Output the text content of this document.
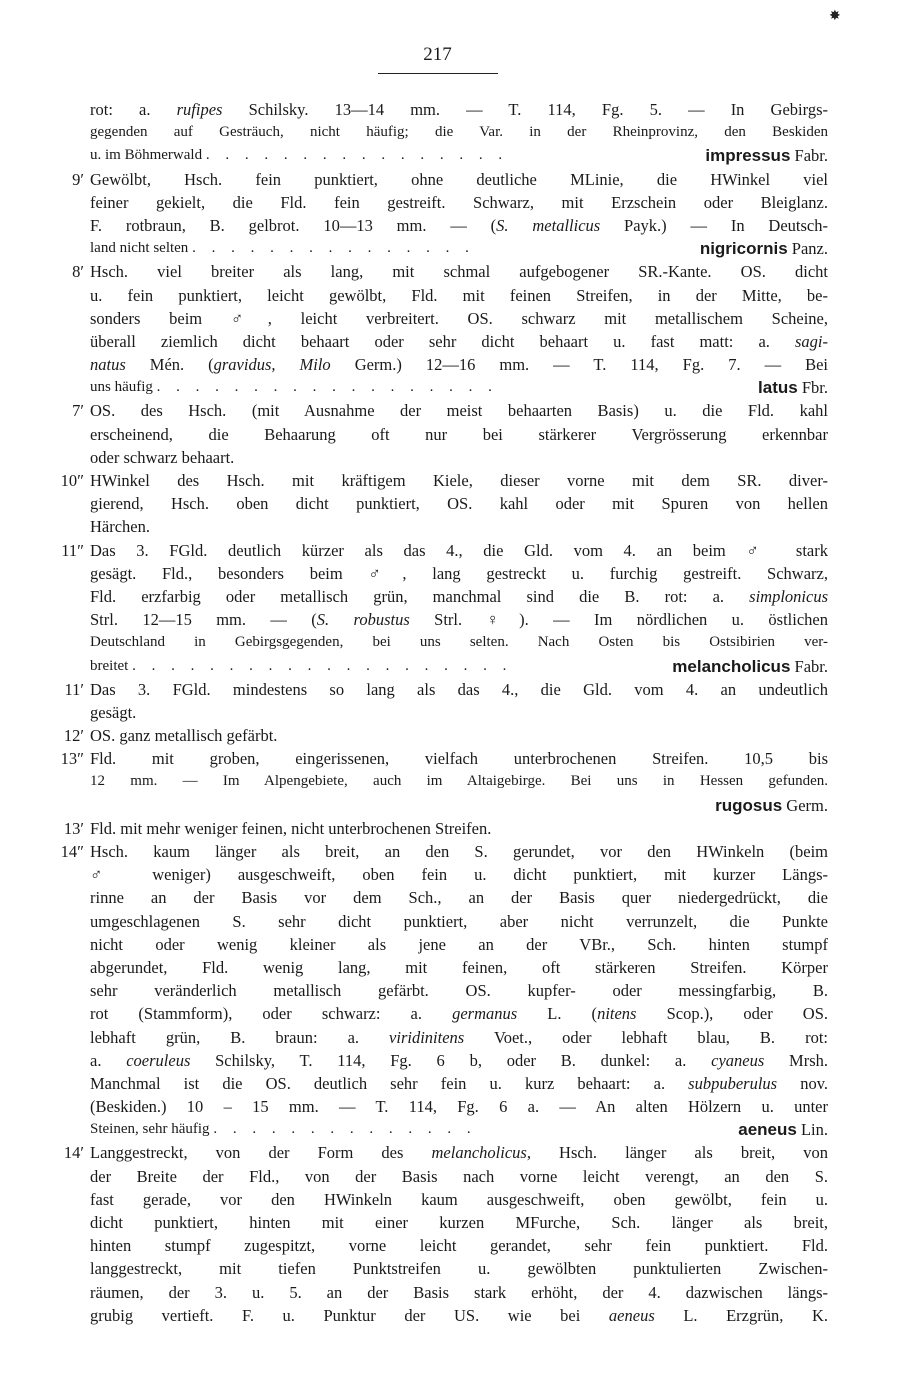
✸
217
rot: a. rufipes Schilsky. 13—14 mm. — T. 114, Fg. 5. — In Gebirgs-
gegenden auf Gesträuch, nicht häufig; die Var. in der Rheinprovinz, den Beskiden
u. im Böhmerwald . . . . . . . . . . . . . . . .	impressus Fabr.
9′ Gewölbt, Hsch. fein punktiert, ohne deutliche MLinie, die HWinkel viel
feiner gekielt, die Fld. fein gestreift. Schwarz, mit Erzschein oder Bleiglanz.
F. rotbraun, B. gelbrot. 10—13 mm. — (S. metallicus Payk.) — In Deutsch-
land nicht selten . . . . . . . . . . . . . . .	nigricornis Panz.
8′ Hsch. viel breiter als lang, mit schmal aufgebogener SR.-Kante. OS. dicht
u. fein punktiert, leicht gewölbt, Fld. mit feinen Streifen, in der Mitte, be-
sonders beim ♂, leicht verbreitert. OS. schwarz mit metallischem Scheine,
überall ziemlich dicht behaart oder sehr dicht behaart u. fast matt: a. sagi-
natus Mén. (gravidus, Milo Germ.) 12—16 mm. — T. 114, Fg. 7. — Bei
uns häufig . . . . . . . . . . . . . . . . . .	latus Fbr.
7′ OS. des Hsch. (mit Ausnahme der meist behaarten Basis) u. die Fld. kahl
erscheinend, die Behaarung oft nur bei stärkerer Vergrösserung erkennbar
oder schwarz behaart.
10″ HWinkel des Hsch. mit kräftigem Kiele, dieser vorne mit dem SR. diver-
gierend, Hsch. oben dicht punktiert, OS. kahl oder mit Spuren von hellen
Härchen.
11″ Das 3. FGld. deutlich kürzer als das 4., die Gld. vom 4. an beim ♂ stark
gesägt. Fld., besonders beim ♂, lang gestreckt u. furchig gestreift. Schwarz,
Fld. erzfarbig oder metallisch grün, manchmal sind die B. rot: a. simplonicus
Strl. 12—15 mm. — (S. robustus Strl. ♀). — Im nördlichen u. östlichen
Deutschland in Gebirgsgegenden, bei uns selten. Nach Osten bis Ostsibirien ver-
breitet . . . . . . . . . . . . . . . . . . . .	melancholicus Fabr.
11′ Das 3. FGld. mindestens so lang als das 4., die Gld. vom 4. an undeutlich
gesägt.
12′ OS. ganz metallisch gefärbt.
13″ Fld. mit groben, eingerissenen, vielfach unterbrochenen Streifen. 10,5 bis
12 mm. — Im Alpengebiete, auch im Altaigebirge. Bei uns in Hessen gefunden.
rugosus Germ.
13′ Fld. mit mehr weniger feinen, nicht unterbrochenen Streifen.
14″ Hsch. kaum länger als breit, an den S. gerundet, vor den HWinkeln (beim
♂ weniger) ausgeschweift, oben fein u. dicht punktiert, mit kurzer Längs-
rinne an der Basis vor dem Sch., an der Basis quer niedergedrückt, die
umgeschlagenen S. sehr dicht punktiert, aber nicht verrunzelt, die Punkte
nicht oder wenig kleiner als jene an der VBr., Sch. hinten stumpf
abgerundet, Fld. wenig lang, mit feinen, oft stärkeren Streifen. Körper
sehr veränderlich metallisch gefärbt. OS. kupfer- oder messingfarbig, B.
rot (Stammform), oder schwarz: a. germanus L. (nitens Scop.), oder OS.
lebhaft grün, B. braun: a. viridinitens Voet., oder lebhaft blau, B. rot:
a. coeruleus Schilsky, T. 114, Fg. 6 b, oder B. dunkel: a. cyaneus Mrsh.
Manchmal ist die OS. deutlich sehr fein u. kurz behaart: a. subpuberulus nov.
(Beskiden.) 10 – 15 mm. — T. 114, Fg. 6 a. — An alten Hölzern u. unter
Steinen, sehr häufig . . . . . . . . . . . . . .	aeneus Lin.
14′ Langgestreckt, von der Form des melancholicus, Hsch. länger als breit, von
der Breite der Fld., von der Basis nach vorne leicht verengt, an den S.
fast gerade, vor den HWinkeln kaum ausgeschweift, oben gewölbt, fein u.
dicht punktiert, hinten mit einer kurzen MFurche, Sch. länger als breit,
hinten stumpf zugespitzt, vorne leicht gerandet, sehr fein punktiert. Fld.
langgestreckt, mit tiefen Punktstreifen u. gewölbten punktulierten Zwischen-
räumen, der 3. u. 5. an der Basis stark erhöht, der 4. dazwischen längs-
grubig vertieft. F. u. Punktur der US. wie bei aeneus L. Erzgrün, K.
